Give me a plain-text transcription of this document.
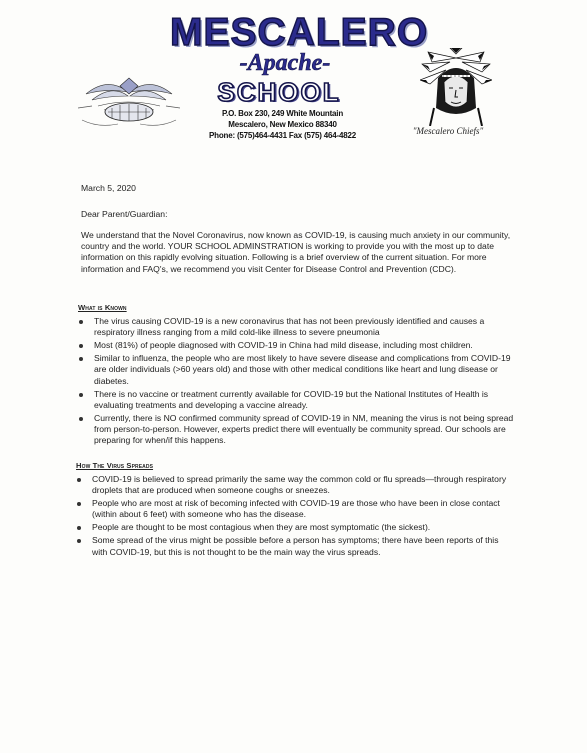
MESCALERO
-Apache-
SCHOOL
P.O. Box 230, 249 White Mountain
Mescalero, New Mexico 88340
Phone: (575)464-4431 Fax (575) 464-4822	"Mescalero Chiefs"
March 5, 2020
Dear Parent/Guardian:
We understand that the Novel Coronavirus, now known as COVID-19, is causing much anxiety in our community, country and the world. YOUR SCHOOL ADMINSTRATION is working to provide you with the most up to date information on this rapidly evolving situation. Following is a brief overview of the current situation. For more information and FAQ's, we recommend you visit Center for Disease Control and Prevention (CDC).
What is Known
The virus causing COVID-19 is a new coronavirus that has not been previously identified and causes a respiratory illness ranging from a mild cold-like illness to severe pneumonia
Most (81%) of people diagnosed with COVID-19 in China had mild disease, including most children.
Similar to influenza, the people who are most likely to have severe disease and complications from COVID-19 are older individuals (>60 years old) and those with other medical conditions like heart and lung disease or diabetes.
There is no vaccine or treatment currently available for COVID-19 but the National Institutes of Health is evaluating treatments and developing a vaccine already.
Currently, there is NO confirmed community spread of COVID-19 in NM, meaning the virus is not being spread from person-to-person. However, experts predict there will eventually be community spread. Our schools are preparing for when/if this happens.
How The Virus Spreads
COVID-19 is believed to spread primarily the same way the common cold or flu spreads—through respiratory droplets that are produced when someone coughs or sneezes.
People who are most at risk of becoming infected with COVID-19 are those who have been in close contact (within about 6 feet) with someone who has the disease.
People are thought to be most contagious when they are most symptomatic (the sickest).
Some spread of the virus might be possible before a person has symptoms; there have been reports of this with COVID-19, but this is not thought to be the main way the virus spreads.
